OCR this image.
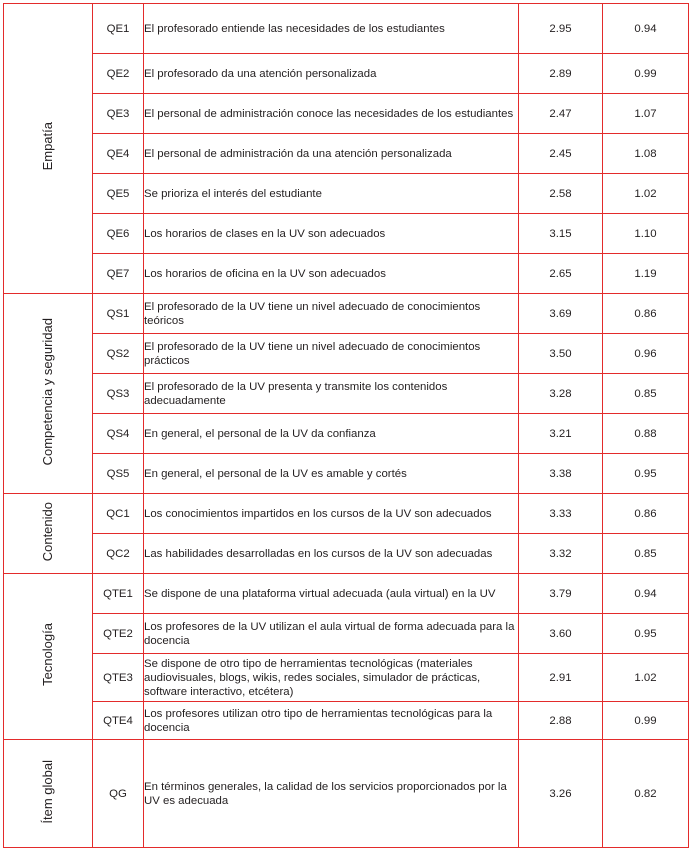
Empatía	QE1	El profesorado entiende las necesidades de los estudiantes	2.95	0.94
	QE2	El profesorado da una atención personalizada	2.89	0.99
	QE3	El personal de administración conoce las necesidades de los estudiantes	2.47	1.07
	QE4	El personal de administración da una atención personalizada	2.45	1.08
	QE5	Se prioriza el interés del estudiante	2.58	1.02
	QE6	Los horarios de clases en la UV son adecuados	3.15	1.10
	QE7	Los horarios de oficina en la UV son adecuados	2.65	1.19
Competencia y seguridad	QS1	El profesorado de la UV tiene un nivel adecuado de conocimientos teóricos	3.69	0.86
	QS2	El profesorado de la UV tiene un nivel adecuado de conocimientos prácticos	3.50	0.96
	QS3	El profesorado de la UV presenta y transmite los contenidos adecuadamente	3.28	0.85
	QS4	En general, el personal de la UV da confianza	3.21	0.88
	QS5	En general, el personal de la UV es amable y cortés	3.38	0.95
Contenido	QC1	Los conocimientos impartidos en los cursos de la UV son adecuados	3.33	0.86
	QC2	Las habilidades desarrolladas en los cursos de la UV son adecuadas	3.32	0.85
Tecnología	QTE1	Se dispone de una plataforma virtual adecuada (aula virtual) en la UV	3.79	0.94
	QTE2	Los profesores de la UV utilizan el aula virtual de forma adecuada para la docencia	3.60	0.95
	QTE3	Se dispone de otro tipo de herramientas tecnológicas (materiales audiovisuales, blogs, wikis, redes sociales, simulador de prácticas, software interactivo, etcétera)	2.91	1.02
	QTE4	Los profesores utilizan otro tipo de herramientas tecnológicas para la docencia	2.88	0.99
Ítem global	QG	En términos generales, la calidad de los servicios proporcionados por la UV es adecuada	3.26	0.82
